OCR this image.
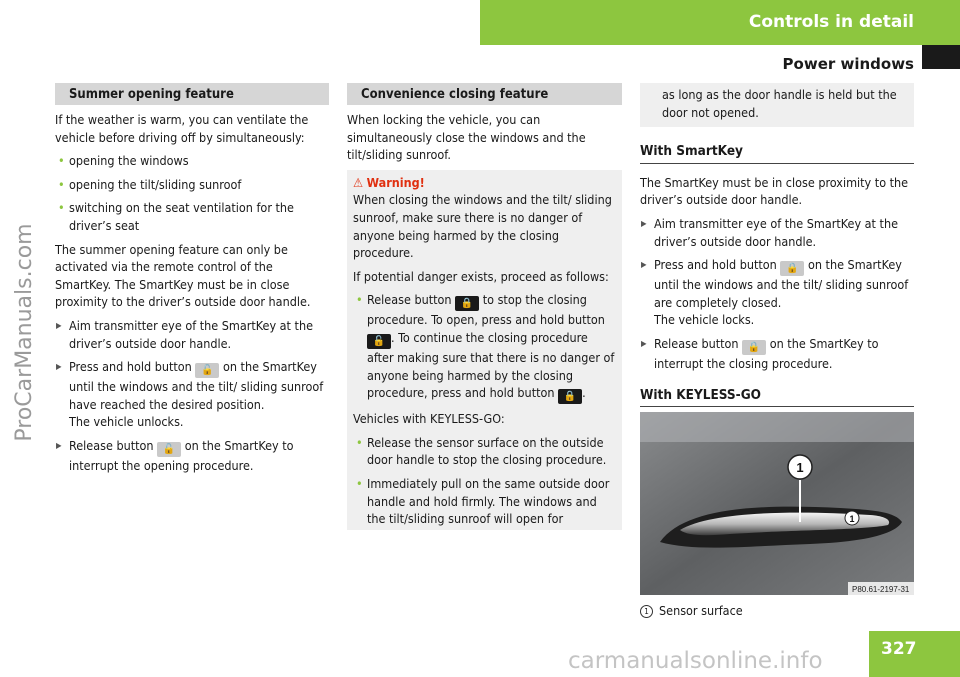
Controls in detail
Power windows
ProCarManuals.com
Summer opening feature

If the weather is warm, you can ventilate the vehicle before driving off by simultaneously:

• opening the windows
• opening the tilt/sliding sunroof
• switching on the seat ventilation for the driver’s seat

The summer opening feature can only be activated via the remote control of the SmartKey. The SmartKey must be in close proximity to the driver’s outside door handle.

▶ Aim transmitter eye of the SmartKey at the driver’s outside door handle.
▶ Press and hold button 🔓 on the SmartKey until the windows and the tilt/ sliding sunroof have reached the desired position.
The vehicle unlocks.
▶ Release button 🔓 on the SmartKey to interrupt the opening procedure.
Convenience closing feature

When locking the vehicle, you can simultaneously close the windows and the tilt/sliding sunroof.

⚠ Warning!

When closing the windows and the tilt/ sliding sunroof, make sure there is no danger of anyone being harmed by the closing procedure.

If potential danger exists, proceed as follows:

• Release button 🔒 to stop the closing procedure. To open, press and hold button 🔓 . To continue the closing procedure after making sure that there is no danger of anyone being harmed by the closing procedure, press and hold button 🔒 .

Vehicles with KEYLESS-GO:

• Release the sensor surface on the outside door handle to stop the closing procedure.
• Immediately pull on the same outside door handle and hold firmly. The windows and the tilt/sliding sunroof will open for
as long as the door handle is held but the door not opened.
With SmartKey

The SmartKey must be in close proximity to the driver’s outside door handle.

▶ Aim transmitter eye of the SmartKey at the driver’s outside door handle.
▶ Press and hold button 🔒 on the SmartKey until the windows and the tilt/ sliding sunroof are completely closed.
The vehicle locks.
▶ Release button 🔒 on the SmartKey to interrupt the closing procedure.
With KEYLESS-GO
1
1
P80.61-2197-31
1 Sensor surface
327
carmanualsonline.info
